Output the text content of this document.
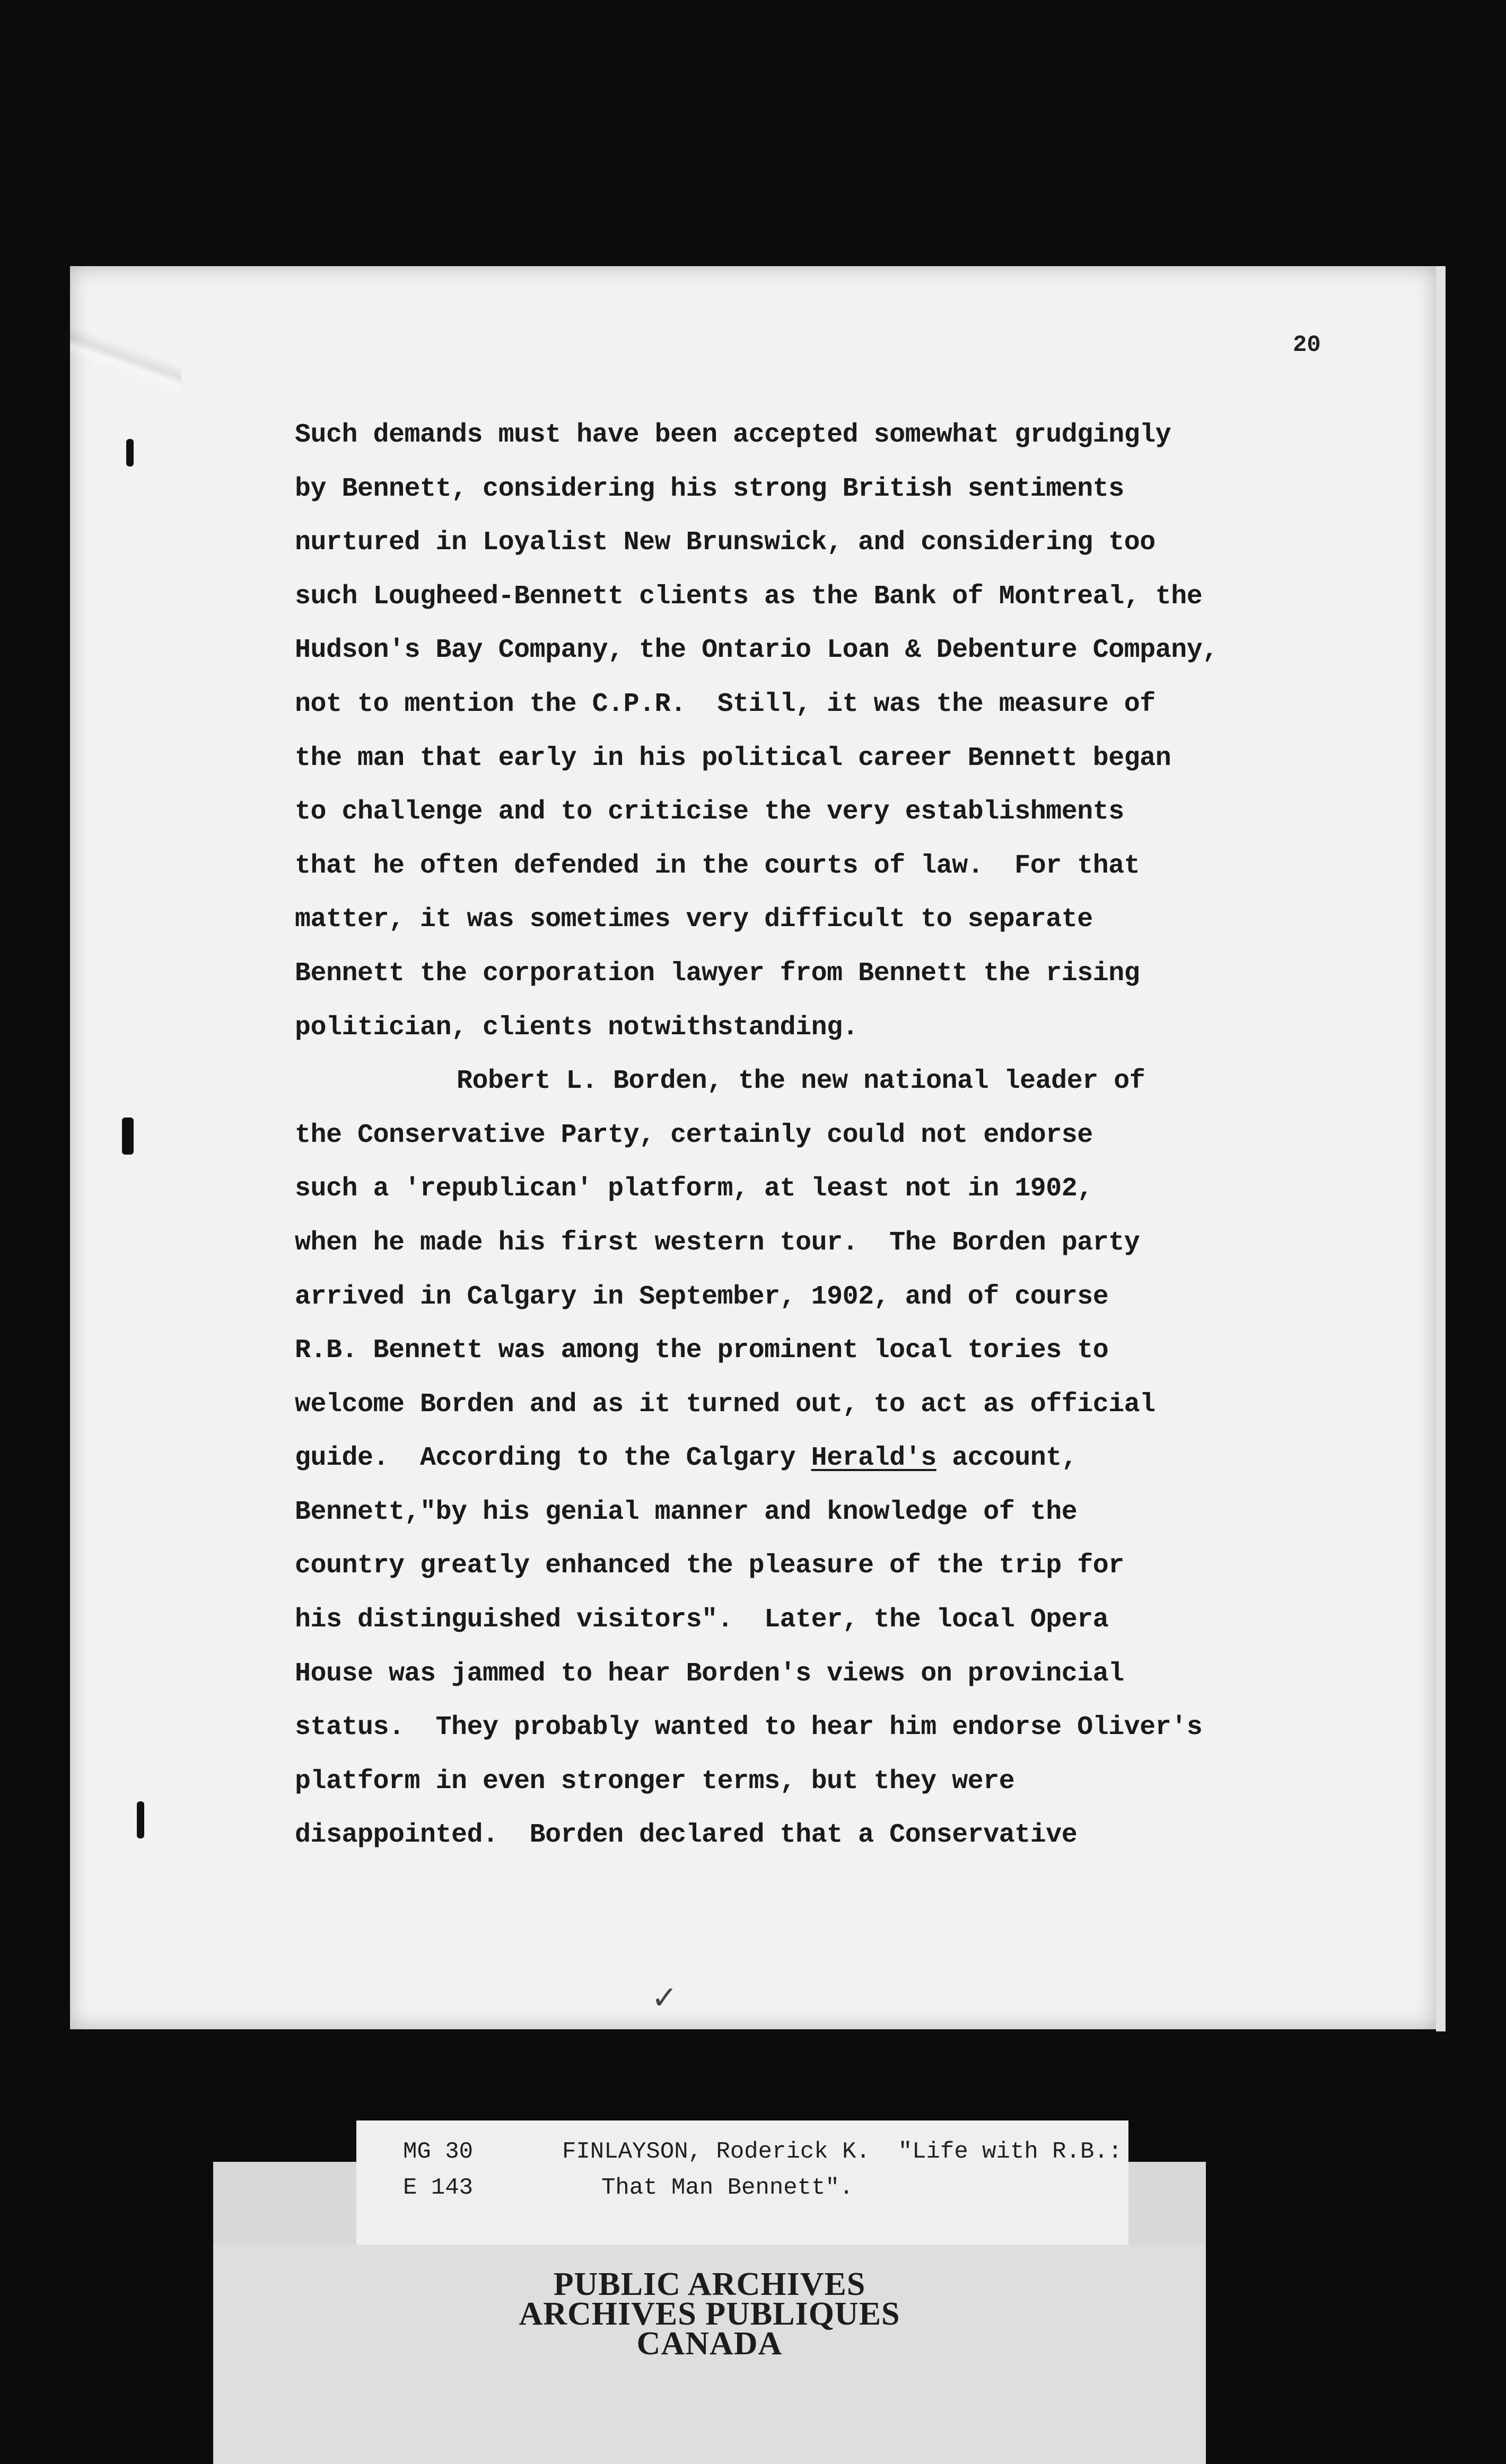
20
Such demands must have been accepted somewhat grudgingly
by Bennett, considering his strong British sentiments
nurtured in Loyalist New Brunswick, and considering too
such Lougheed-Bennett clients as the Bank of Montreal, the
Hudson's Bay Company, the Ontario Loan & Debenture Company,
not to mention the C.P.R.  Still, it was the measure of
the man that early in his political career Bennett began
to challenge and to criticise the very establishments
that he often defended in the courts of law.  For that
matter, it was sometimes very difficult to separate
Bennett the corporation lawyer from Bennett the rising
politician, clients notwithstanding.
Robert L. Borden, the new national leader of
the Conservative Party, certainly could not endorse
such a 'republican' platform, at least not in 1902,
when he made his first western tour.  The Borden party
arrived in Calgary in September, 1902, and of course
R.B. Bennett was among the prominent local tories to
welcome Borden and as it turned out, to act as official
guide.  According to the Calgary Herald's account,
Bennett,"by his genial manner and knowledge of the
country greatly enhanced the pleasure of the trip for
his distinguished visitors".  Later, the local Opera
House was jammed to hear Borden's views on provincial
status.  They probably wanted to hear him endorse Oliver's
platform in even stronger terms, but they were
disappointed.  Borden declared that a Conservative
✓
MG 30
E 143
FINLAYSON, Roderick K.  "Life with R.B.:
That Man Bennett".
PUBLIC ARCHIVES
ARCHIVES PUBLIQUES
CANADA
